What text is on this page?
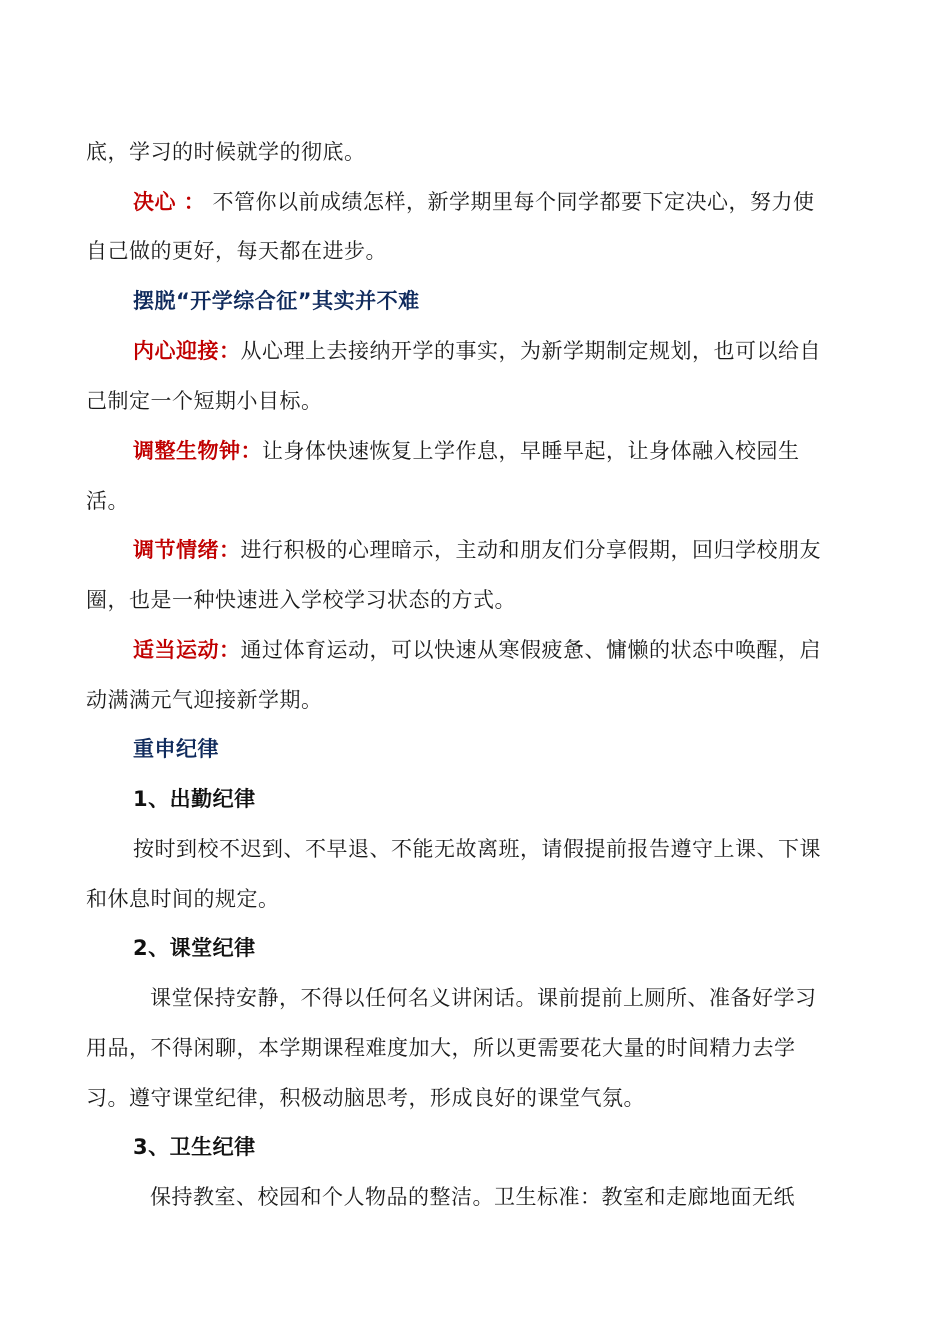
底，学习的时候就学的彻底。
决心 ： 不管你以前成绩怎样，新学期里每个同学都要下定决心，努力使
自己做的更好，每天都在进步。
摆脱“开学综合征”其实并不难
内心迎接：从心理上去接纳开学的事实，为新学期制定规划，也可以给自
己制定一个短期小目标。
调整生物钟：让身体快速恢复上学作息，早睡早起，让身体融入校园生
活。
调节情绪：进行积极的心理暗示，主动和朋友们分享假期，回归学校朋友
圈，也是一种快速进入学校学习状态的方式。
适当运动：通过体育运动，可以快速从寒假疲惫、慵懒的状态中唤醒，启
动满满元气迎接新学期。
重申纪律
1、出勤纪律
按时到校不迟到、不早退、不能无故离班，请假提前报告遵守上课、下课
和休息时间的规定。
2、课堂纪律
课堂保持安静，不得以任何名义讲闲话。课前提前上厕所、准备好学习
用品，不得闲聊，本学期课程难度加大，所以更需要花大量的时间精力去学
习。遵守课堂纪律，积极动脑思考，形成良好的课堂气氛。
3、卫生纪律
保持教室、校园和个人物品的整洁。卫生标准：教室和走廊地面无纸
